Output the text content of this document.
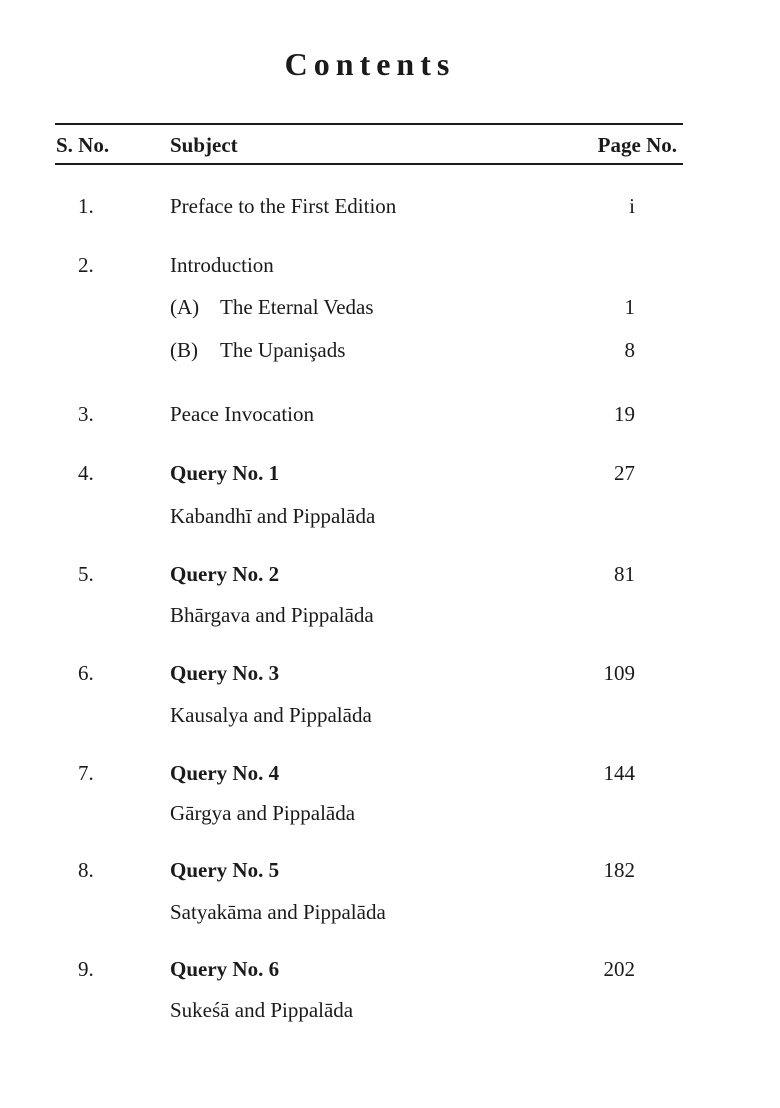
Contents
S. No.	Subject	Page No.
1.	Preface to the First Edition	i
2.	Introduction
(A) The Eternal Vedas	1
(B) The Upanişads	8
3.	Peace Invocation	19
4.	Query No. 1	27
Kabandhī and Pippalāda
5.	Query No. 2	81
Bhārgava and Pippalāda
6.	Query No. 3	109
Kausalya and Pippalāda
7.	Query No. 4	144
Gārgya and Pippalāda
8.	Query No. 5	182
Satyakāma and Pippalāda
9.	Query No. 6	202
Sukeśā and Pippalāda
